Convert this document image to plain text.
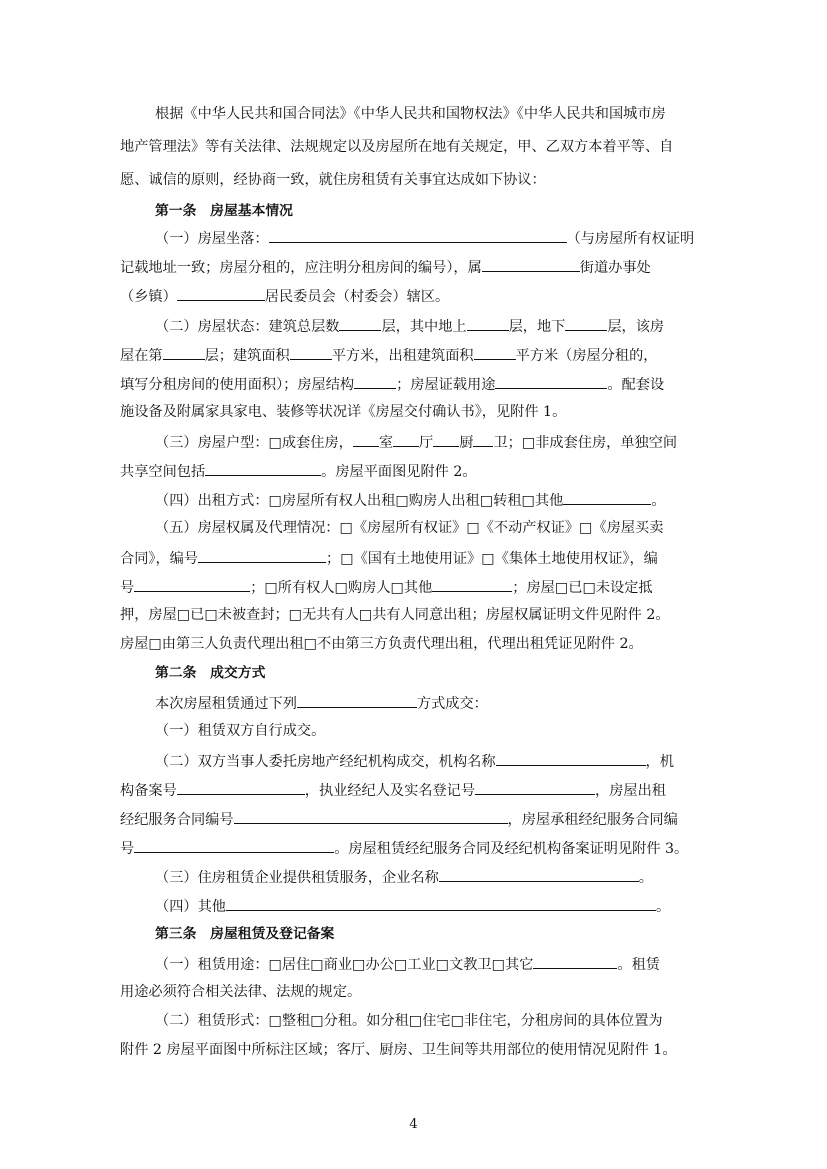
根据《中华人民共和国合同法》《中华人民共和国物权法》《中华人民共和国城市房
地产管理法》等有关法律、法规规定以及房屋所在地有关规定，甲、乙双方本着平等、自
愿、诚信的原则，经协商一致，就住房租赁有关事宜达成如下协议：
第一条　房屋基本情况
（一）房屋坐落：	（与房屋所有权证明
记载地址一致；房屋分租的，应注明分租房间的编号），属	街道办事处
（乡镇）	居民委员会（村委会）辖区。
（二）房屋状态：建筑总层数	层，其中地上	层，地下	层，该房
屋在第	层；建筑面积	平方米，出租建筑面积	平方米（房屋分租的，
填写分租房间的使用面积）；房屋结构	；房屋证载用途	。配套设
施设备及附属家具家电、装修等状况详《房屋交付确认书》，见附件 1。
（三）房屋户型：□成套住房， 室 厅 厨 卫；□非成套住房，单独空间
共享空间包括	。房屋平面图见附件 2。
（四）出租方式：□房屋所有权人出租□购房人出租□转租□其他	。
（五）房屋权属及代理情况：□《房屋所有权证》□《不动产权证》□《房屋买卖
合同》，编号	；□《国有土地使用证》□《集体土地使用权证》，编
号	；□所有权人□购房人□其他	；房屋□已□未设定抵
押，房屋□已□未被查封；□无共有人□共有人同意出租；房屋权属证明文件见附件 2。
房屋□由第三人负责代理出租□不由第三方负责代理出租，代理出租凭证见附件 2。
第二条　成交方式
本次房屋租赁通过下列	方式成交：
（一）租赁双方自行成交。
（二）双方当事人委托房地产经纪机构成交，机构名称	，机
构备案号	，执业经纪人及实名登记号	，房屋出租
经纪服务合同编号	，房屋承租经纪服务合同编
号	。房屋租赁经纪服务合同及经纪机构备案证明见附件 3。
（三）住房租赁企业提供租赁服务，企业名称	。
（四）其他	。
第三条　房屋租赁及登记备案
（一）租赁用途：□居住□商业□办公□工业□文教卫□其它	。租赁
用途必须符合相关法律、法规的规定。
（二）租赁形式：□整租□分租。如分租□住宅□非住宅，分租房间的具体位置为
附件 2 房屋平面图中所标注区域；客厅、厨房、卫生间等共用部位的使用情况见附件 1。
4
